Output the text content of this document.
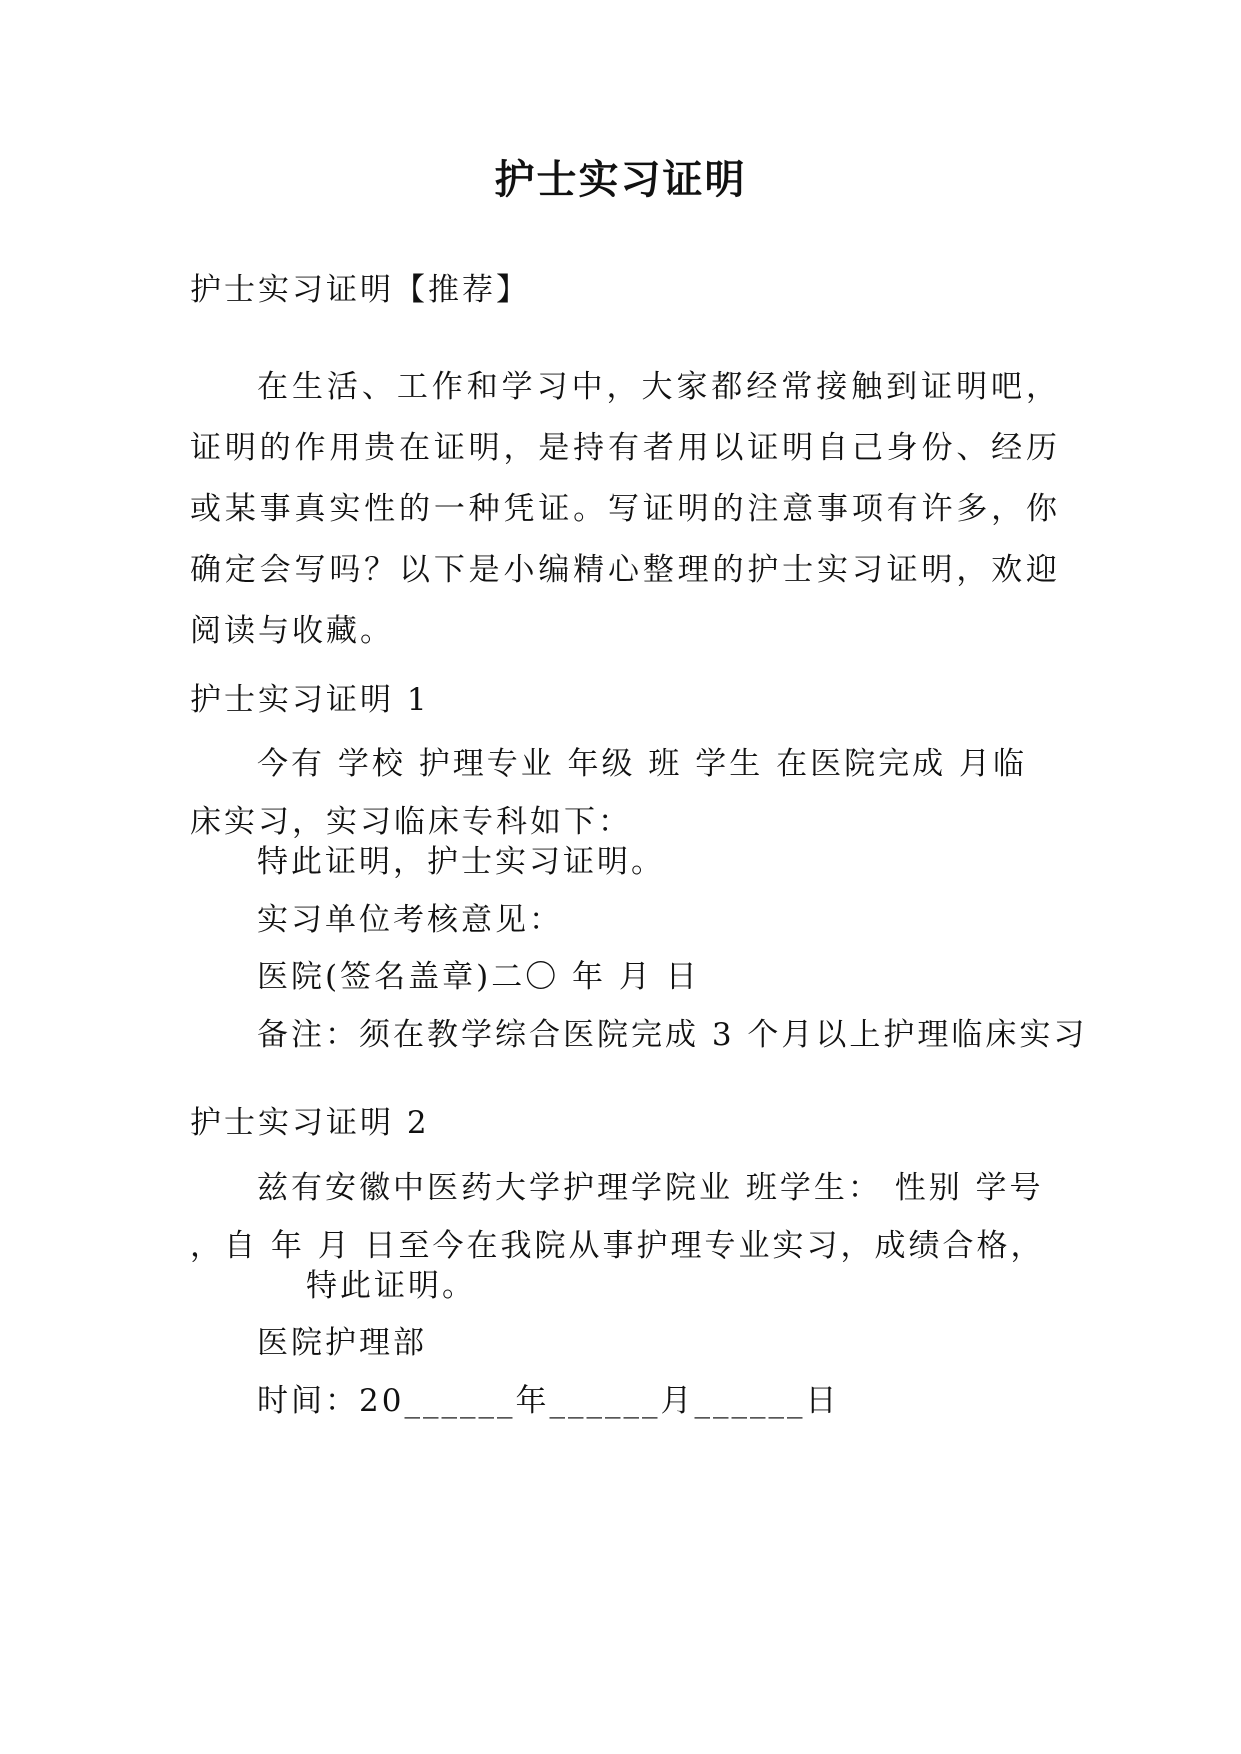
护士实习证明
护士实习证明【推荐】
在生活、工作和学习中，大家都经常接触到证明吧，证明的作用贵在证明，是持有者用以证明自己身份、经历或某事真实性的一种凭证。写证明的注意事项有许多，你确定会写吗？以下是小编精心整理的护士实习证明，欢迎阅读与收藏。
护士实习证明 1
今有 学校 护理专业 年级 班 学生 在医院完成 月临床实习，实习临床专科如下：
特此证明，护士实习证明。
实习单位考核意见：
医院(签名盖章)二〇 年 月 日
备注：须在教学综合医院完成 3 个月以上护理临床实习
护士实习证明 2
兹有安徽中医药大学护理学院业 班学生： 性别 学号 ，自 年 月 日至今在我院从事护理专业实习，成绩合格，
特此证明。
医院护理部
时间：20______年______月______日
